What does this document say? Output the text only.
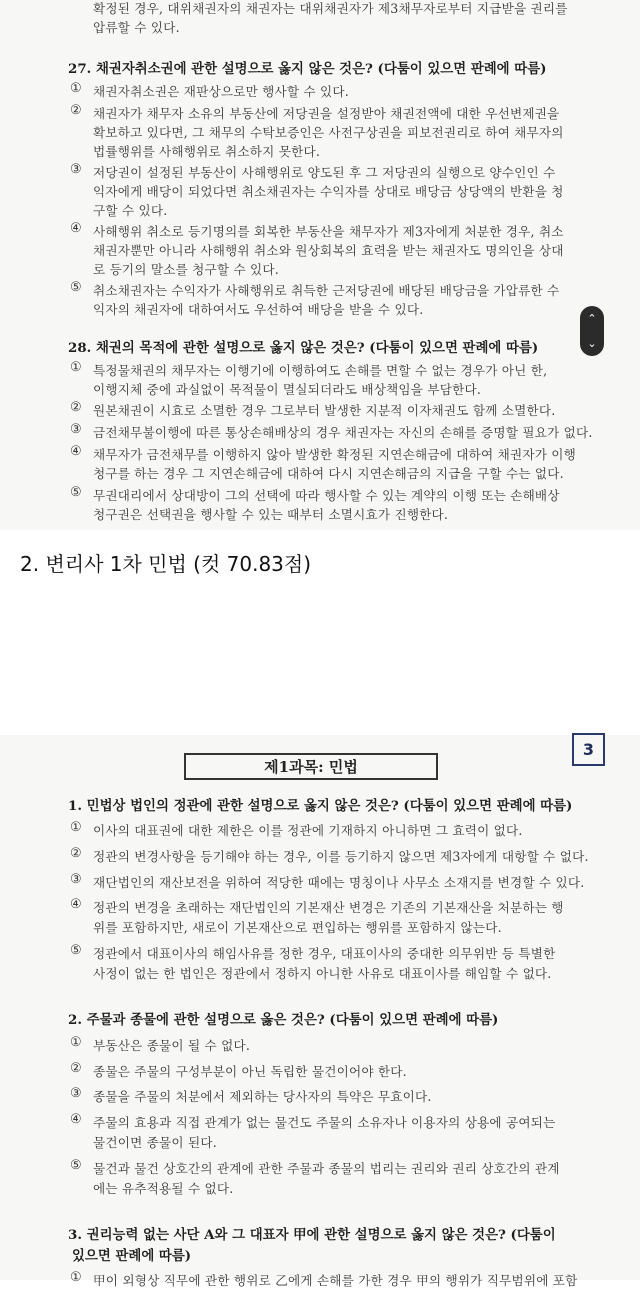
확정된 경우, 대위채권자의 채권자는 대위채권자가 제3채무자로부터 지급받을 권리를
압류할 수 있다.
27. 채권자취소권에 관한 설명으로 옳지 않은 것은? (다툼이 있으면 판례에 따름)
① 채권자취소권은 재판상으로만 행사할 수 있다.
② 채권자가 채무자 소유의 부동산에 저당권을 설정받아 채권전액에 대한 우선변제권을
확보하고 있다면, 그 채무의 수탁보증인은 사전구상권을 피보전권리로 하여 채무자의
법률행위를 사해행위로 취소하지 못한다.
③ 저당권이 설정된 부동산이 사해행위로 양도된 후 그 저당권의 실행으로 양수인인 수
익자에게 배당이 되었다면 취소채권자는 수익자를 상대로 배당금 상당액의 반환을 청
구할 수 있다.
④ 사해행위 취소로 등기명의를 회복한 부동산을 채무자가 제3자에게 처분한 경우, 취소
채권자뿐만 아니라 사해행위 취소와 원상회복의 효력을 받는 채권자도 명의인을 상대
로 등기의 말소를 청구할 수 있다.
⑤ 취소채권자는 수익자가 사해행위로 취득한 근저당권에 배당된 배당금을 가압류한 수
익자의 채권자에 대하여서도 우선하여 배당을 받을 수 있다.
28. 채권의 목적에 관한 설명으로 옳지 않은 것은? (다툼이 있으면 판례에 따름)
① 특정물채권의 채무자는 이행기에 이행하여도 손해를 면할 수 없는 경우가 아닌 한,
이행지체 중에 과실없이 목적물이 멸실되더라도 배상책임을 부담한다.
② 원본채권이 시효로 소멸한 경우 그로부터 발생한 지분적 이자채권도 함께 소멸한다.
③ 금전채무불이행에 따른 통상손해배상의 경우 채권자는 자신의 손해를 증명할 필요가 없다.
④ 채무자가 금전채무를 이행하지 않아 발생한 확정된 지연손해금에 대하여 채권자가 이행
청구를 하는 경우 그 지연손해금에 대하여 다시 지연손해금의 지급을 구할 수는 없다.
⑤ 무권대리에서 상대방이 그의 선택에 따라 행사할 수 있는 계약의 이행 또는 손해배상
청구권은 선택권을 행사할 수 있는 때부터 소멸시효가 진행한다.
⌃
⌄
2. 변리사 1차 민법 (컷 70.83점)
3
제1과목: 민법
1. 민법상 법인의 정관에 관한 설명으로 옳지 않은 것은? (다툼이 있으면 판례에 따름)
① 이사의 대표권에 대한 제한은 이를 정관에 기재하지 아니하면 그 효력이 없다.
② 정관의 변경사항을 등기해야 하는 경우, 이를 등기하지 않으면 제3자에게 대항할 수 없다.
③ 재단법인의 재산보전을 위하여 적당한 때에는 명칭이나 사무소 소재지를 변경할 수 있다.
④ 정관의 변경을 초래하는 재단법인의 기본재산 변경은 기존의 기본재산을 처분하는 행
위를 포함하지만, 새로이 기본재산으로 편입하는 행위를 포함하지 않는다.
⑤ 정관에서 대표이사의 해임사유를 정한 경우, 대표이사의 중대한 의무위반 등 특별한
사정이 없는 한 법인은 정관에서 정하지 아니한 사유로 대표이사를 해임할 수 없다.
2. 주물과 종물에 관한 설명으로 옳은 것은? (다툼이 있으면 판례에 따름)
① 부동산은 종물이 될 수 없다.
② 종물은 주물의 구성부분이 아닌 독립한 물건이어야 한다.
③ 종물을 주물의 처분에서 제외하는 당사자의 특약은 무효이다.
④ 주물의 효용과 직접 관계가 없는 물건도 주물의 소유자나 이용자의 상용에 공여되는
물건이면 종물이 된다.
⑤ 물건과 물건 상호간의 관계에 관한 주물과 종물의 법리는 권리와 권리 상호간의 관계
에는 유추적용될 수 없다.
3. 권리능력 없는 사단 A와 그 대표자 甲에 관한 설명으로 옳지 않은 것은? (다툼이
있으면 판례에 따름)
① 甲이 외형상 직무에 관한 행위로 乙에게 손해를 가한 경우 甲의 행위가 직무범위에 포함
